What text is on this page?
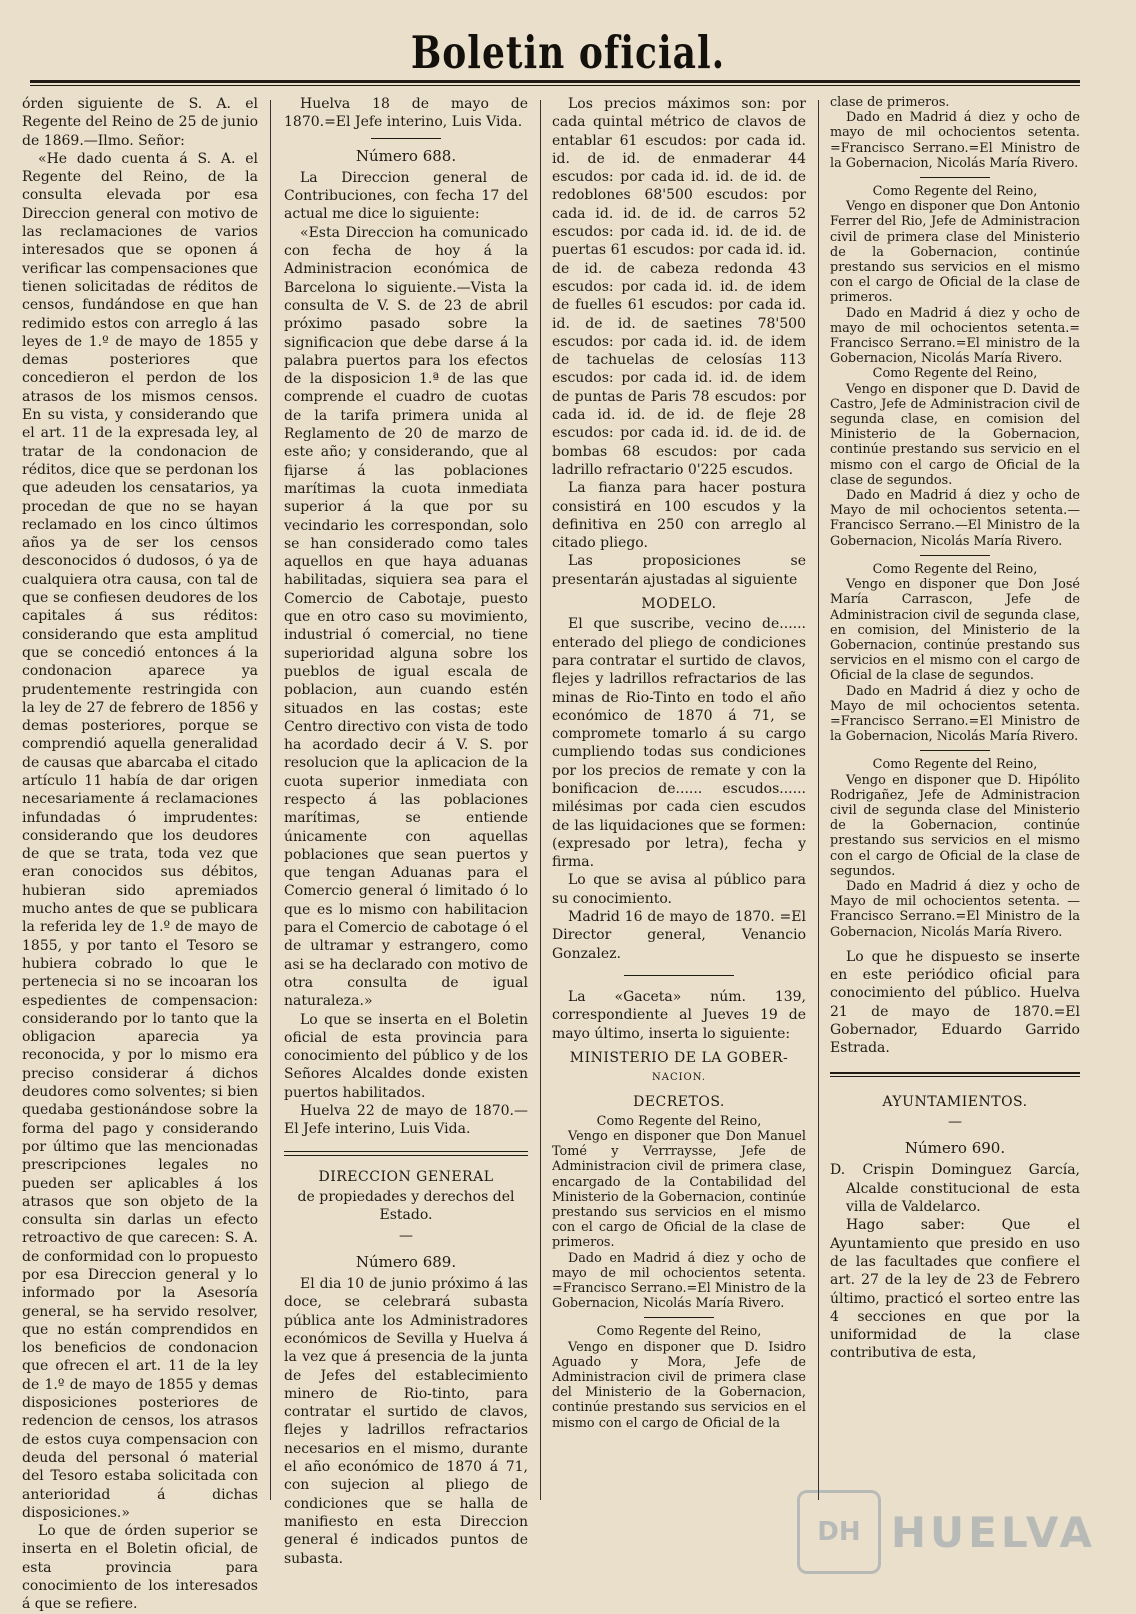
Boletin oficial.

órden siguiente de S. A. el Regente del Reino de 25 de junio de 1869.—Ilmo. Señor:

«He dado cuenta á S. A. el Regente del Reino, de la consulta elevada por esa Direccion general con motivo de las reclamaciones de varios interesados que se oponen á verificar las compensaciones que tienen solicitadas de réditos de censos, fundándose en que han redimido estos con arreglo á las leyes de 1.º de mayo de 1855 y demas posteriores que concedieron el perdon de los atrasos de los mismos censos. En su vista, y considerando que el art. 11 de la expresada ley, al tratar de la condonacion de réditos, dice que se perdonan los que adeuden los censatarios, ya procedan de que no se hayan reclamado en los cinco últimos años ya de ser los censos desconocidos ó dudosos, ó ya de cualquiera otra causa, con tal de que se confiesen deudores de los capitales á sus réditos: considerando que esta amplitud que se concedió entonces á la condonacion aparece ya prudentemente restringida con la ley de 27 de febrero de 1856 y demas posteriores, porque se comprendió aquella generalidad de causas que abarcaba el citado artículo 11 había de dar origen necesariamente á reclamaciones infundadas ó imprudentes: considerando que los deudores de que se trata, toda vez que eran conocidos sus débitos, hubieran sido apremiados mucho antes de que se publicara la referida ley de 1.º de mayo de 1855, y por tanto el Tesoro se hubiera cobrado lo que le pertenecia si no se incoaran los espedientes de compensacion: considerando por lo tanto que la obligacion aparecia ya reconocida, y por lo mismo era preciso considerar á dichos deudores como solventes; si bien quedaba gestionándose sobre la forma del pago y considerando por último que las mencionadas prescripciones legales no pueden ser aplicables á los atrasos que son objeto de la consulta sin darlas un efecto retroactivo de que carecen: S. A. de conformidad con lo propuesto por esa Direccion general y lo informado por la Asesoría general, se ha servido resolver, que no están comprendidos en los beneficios de condonacion que ofrecen el art. 11 de la ley de 1.º de mayo de 1855 y demas disposiciones posteriores de redencion de censos, los atrasos de estos cuya compensacion con deuda del personal ó material del Tesoro estaba solicitada con anterioridad á dichas disposiciones.»

Lo que de órden superior se inserta en el Boletin oficial, de esta provincia para conocimiento de los interesados á que se refiere.

Huelva 18 de mayo de 1870.=El Jefe interino, Luis Vida.

Número 688.

La Direccion general de Contribuciones, con fecha 17 del actual me dice lo siguiente:

«Esta Direccion ha comunicado con fecha de hoy á la Administracion económica de Barcelona lo siguiente.—Vista la consulta de V. S. de 23 de abril próximo pasado sobre la significacion que debe darse á la palabra puertos para los efectos de la disposicion 1.ª de las que comprende el cuadro de cuotas de la tarifa primera unida al Reglamento de 20 de marzo de este año; y considerando, que al fijarse á las poblaciones marítimas la cuota inmediata superior á la que por su vecindario les correspondan, solo se han considerado como tales aquellos en que haya aduanas habilitadas, siquiera sea para el Comercio de Cabotaje, puesto que en otro caso su movimiento, industrial ó comercial, no tiene superioridad alguna sobre los pueblos de igual escala de poblacion, aun cuando estén situados en las costas; este Centro directivo con vista de todo ha acordado decir á V. S. por resolucion que la aplicacion de la cuota superior inmediata con respecto á las poblaciones marítimas, se entiende únicamente con aquellas poblaciones que sean puertos y que tengan Aduanas para el Comercio general ó limitado ó lo que es lo mismo con habilitacion para el Comercio de cabotage ó el de ultramar y estrangero, como asi se ha declarado con motivo de otra consulta de igual naturaleza.»

Lo que se inserta en el Boletin oficial de esta provincia para conocimiento del público y de los Señores Alcaldes donde existen puertos habilitados.

Huelva 22 de mayo de 1870.—El Jefe interino, Luis Vida.

DIRECCION GENERAL

de propiedades y derechos del Estado.

—

Número 689.

El dia 10 de junio próximo á las doce, se celebrará subasta pública ante los Administradores económicos de Sevilla y Huelva á la vez que á presencia de la junta de Jefes del establecimiento minero de Rio-tinto, para contratar el surtido de clavos, flejes y ladrillos refractarios necesarios en el mismo, durante el año económico de 1870 á 71, con sujecion al pliego de condiciones que se halla de manifiesto en esta Direccion general é indicados puntos de subasta.

Los precios máximos son: por cada quintal métrico de clavos de entablar 61 escudos: por cada id. id. de id. de enmaderar 44 escudos: por cada id. id. de id. de redoblones 68'500 escudos: por cada id. id. de id. de carros 52 escudos: por cada id. id. de id. de puertas 61 escudos: por cada id. id. de id. de cabeza redonda 43 escudos: por cada id. id. de idem de fuelles 61 escudos: por cada id. id. de id. de saetines 78'500 escudos: por cada id. id. de idem de tachuelas de celosías 113 escudos: por cada id. id. de idem de puntas de Paris 78 escudos: por cada id. id. de id. de fleje 28 escudos: por cada id. id. de id. de bombas 68 escudos: por cada ladrillo refractario 0'225 escudos.

La fianza para hacer postura consistirá en 100 escudos y la definitiva en 250 con arreglo al citado pliego.

Las proposiciones se presentarán ajustadas al siguiente

MODELO.

El que suscribe, vecino de...... enterado del pliego de condiciones para contratar el surtido de clavos, flejes y ladrillos refractarios de las minas de Rio-Tinto en todo el año económico de 1870 á 71, se compromete tomarlo á su cargo cumpliendo todas sus condiciones por los precios de remate y con la bonificacion de...... escudos...... milésimas por cada cien escudos de las liquidaciones que se formen: (expresado por letra), fecha y firma.

Lo que se avisa al público para su conocimiento.

Madrid 16 de mayo de 1870. =El Director general, Venancio Gonzalez.

La «Gaceta» núm. 139, correspondiente al Jueves 19 de mayo último, inserta lo siguiente:

MINISTERIO DE LA GOBER-

NACION.

DECRETOS.

Como Regente del Reino,

Vengo en disponer que Don Manuel Tomé y Verrraysse, Jefe de Administracion civil de primera clase, encargado de la Contabilidad del Ministerio de la Gobernacion, continúe prestando sus servicios en el mismo con el cargo de Oficial de la clase de primeros.

Dado en Madrid á diez y ocho de mayo de mil ochocientos setenta. =Francisco Serrano.=El Ministro de la Gobernacion, Nicolás María Rivero.

Como Regente del Reino,

Vengo en disponer que D. Isidro Aguado y Mora, Jefe de Administracion civil de primera clase del Ministerio de la Gobernacion, continúe prestando sus servicios en el mismo con el cargo de Oficial de la

clase de primeros.

Dado en Madrid á diez y ocho de mayo de mil ochocientos setenta. =Francisco Serrano.=El Ministro de la Gobernacion, Nicolás María Rivero.

Como Regente del Reino,

Vengo en disponer que Don Antonio Ferrer del Rio, Jefe de Administracion civil de primera clase del Ministerio de la Gobernacion, continúe prestando sus servicios en el mismo con el cargo de Oficial de la clase de primeros.

Dado en Madrid á diez y ocho de mayo de mil ochocientos setenta.= Francisco Serrano.=El ministro de la Gobernacion, Nicolás María Rivero.

Como Regente del Reino,

Vengo en disponer que D. David de Castro, Jefe de Administracion civil de segunda clase, en comision del Ministerio de la Gobernacion, continúe prestando sus servicio en el mismo con el cargo de Oficial de la clase de segundos.

Dado en Madrid á diez y ocho de Mayo de mil ochocientos setenta.— Francisco Serrano.—El Ministro de la Gobernacion, Nicolás María Rivero.

Como Regente del Reino,

Vengo en disponer que Don José María Carrascon, Jefe de Administracion civil de segunda clase, en comision, del Ministerio de la Gobernacion, continúe prestando sus servicios en el mismo con el cargo de Oficial de la clase de segundos.

Dado en Madrid á diez y ocho de Mayo de mil ochocientos setenta. =Francisco Serrano.=El Ministro de la Gobernacion, Nicolás María Rivero.

Como Regente del Reino,

Vengo en disponer que D. Hipólito Rodrigañez, Jefe de Administracion civil de segunda clase del Ministerio de la Gobernacion, continúe prestando sus servicios en el mismo con el cargo de Oficial de la clase de segundos.

Dado en Madrid á diez y ocho de Mayo de mil ochocientos setenta. —Francisco Serrano.=El Ministro de la Gobernacion, Nicolás María Rivero.

Lo que he dispuesto se inserte en este periódico oficial para conocimiento del público. Huelva 21 de mayo de 1870.=El Gobernador, Eduardo Garrido Estrada.

AYUNTAMIENTOS.

—

Número 690.

D. Crispin Dominguez García, Alcalde constitucional de esta villa de Valdelarco.

Hago saber: Que el Ayuntamiento que presido en uso de las facultades que confiere el art. 27 de la ley de 23 de Febrero último, practicó el sorteo entre las 4 secciones en que por la uniformidad de la clase contributiva de esta,

DH HUELVA
